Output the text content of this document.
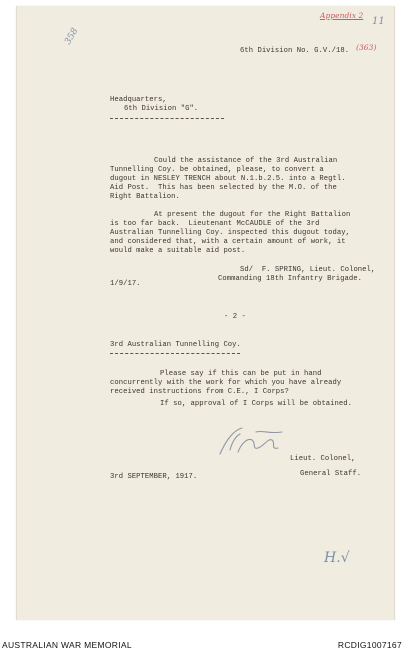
Appendix 2
11
358
(363)
6th Division No. G.V./18.
Headquarters,
6th Division "G".
Could the assistance of the 3rd Australian
Tunnelling Coy. be obtained, please, to convert a
dugout in NESLEY TRENCH about N.1.b.2.5. into a Regtl.
Aid Post.  This has been selected by the M.O. of the
Right Battalion.
At present the dugout for the Right Battalion
is too far back.  Lieutenant McCAUDLE of the 3rd
Australian Tunnelling Coy. inspected this dugout today,
and considered that, with a certain amount of work, it
would make a suitable aid post.
Sd/  F. SPRING, Lieut. Colonel,
Commanding 18th Infantry Brigade.
1/9/17.
- 2 -
3rd Australian Tunnelling Coy.
Please say if this can be put in hand
concurrently with the work for which you have already
received instructions from C.E., I Corps?
If so, approval of I Corps will be obtained.
Lieut. Colonel,
General Staff.
3rd SEPTEMBER, 1917.
H.√
AUSTRALIAN WAR MEMORIAL	RCDIG1007167
